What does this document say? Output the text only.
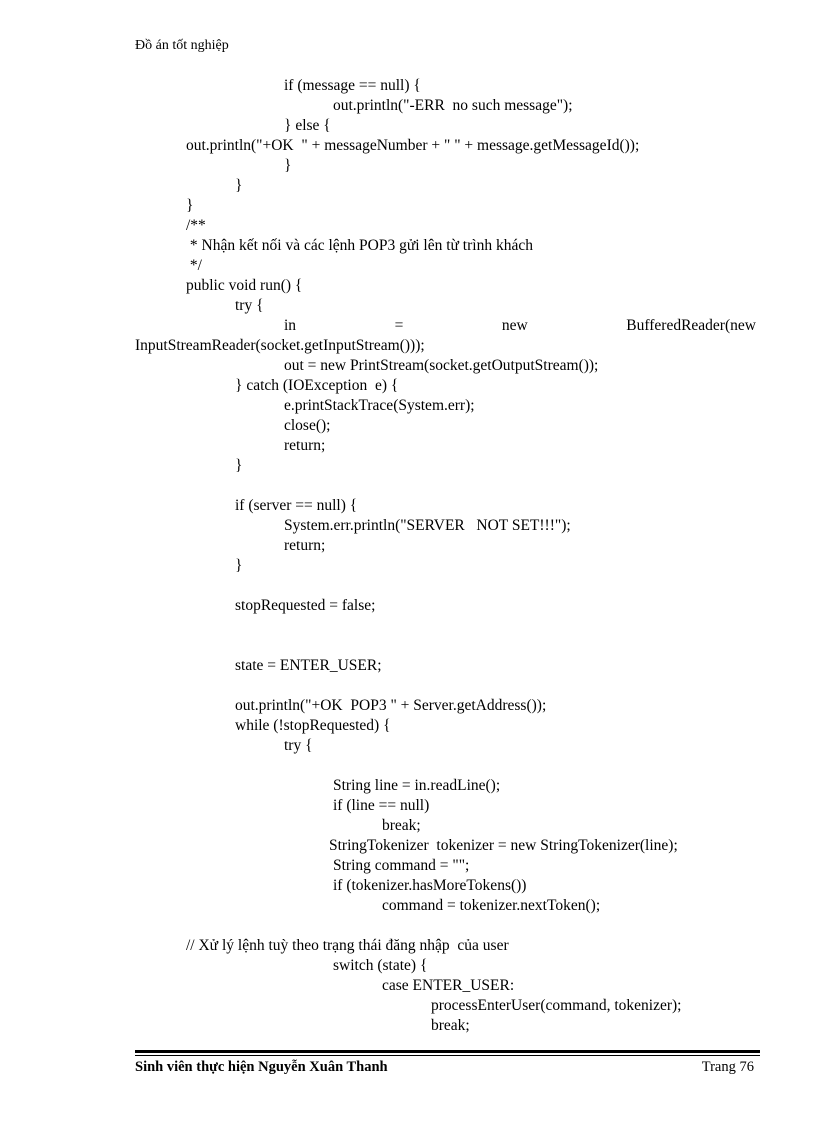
Đồ án tốt nghiệp
if (message == null) {
out.println("-ERR  no such message");
} else {
out.println("+OK  " + messageNumber + " " + message.getMessageId());
}
}
}
/**
* Nhận kết nối và các lệnh POP3 gửi lên từ trình khách
*/
public void run() {
try {
in	=	new	BufferedReader(new
InputStreamReader(socket.getInputStream()));
out = new PrintStream(socket.getOutputStream());
} catch (IOException  e) {
e.printStackTrace(System.err);
close();
return;
}
if (server == null) {
System.err.println("SERVER   NOT SET!!!");
return;
}
stopRequested = false;
state = ENTER_USER;
out.println("+OK  POP3 " + Server.getAddress());
while (!stopRequested) {
try {
String line = in.readLine();
if (line == null)
break;
StringTokenizer  tokenizer = new StringTokenizer(line);
String command = "";
if (tokenizer.hasMoreTokens())
command = tokenizer.nextToken();
// Xử lý lệnh tuỳ theo trạng thái đăng nhập  của user
switch (state) {
case ENTER_USER:
processEnterUser(command, tokenizer);
break;
Sinh viên thực hiện Nguyễn Xuân Thanh	Trang 76
